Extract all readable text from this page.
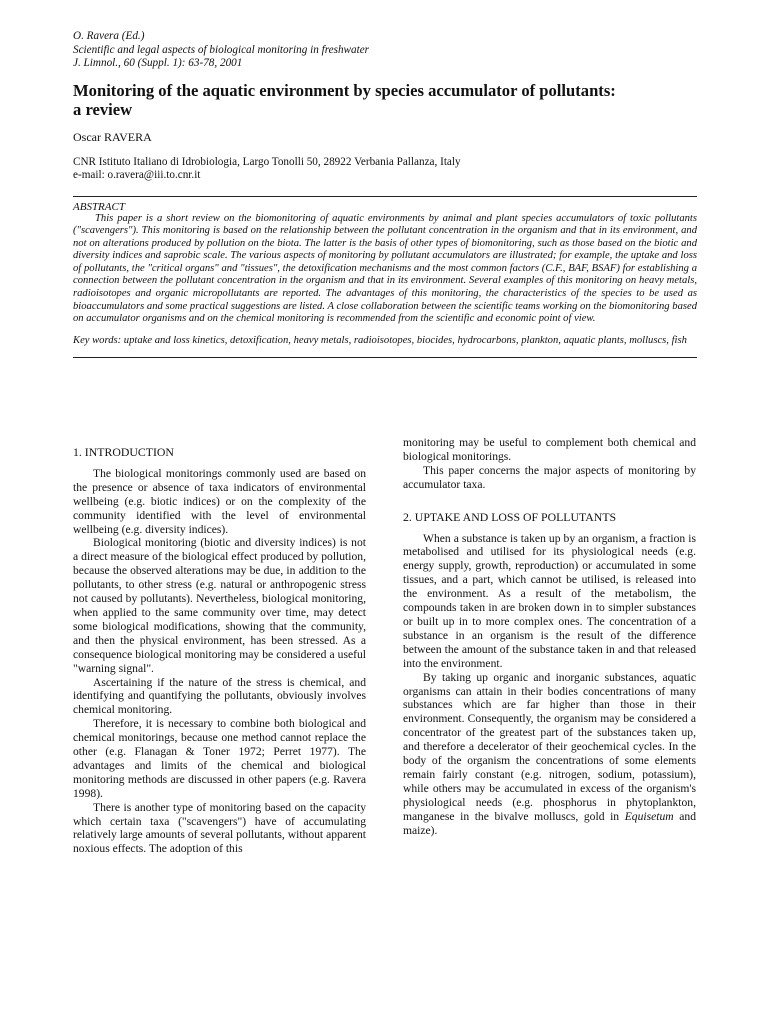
O. Ravera (Ed.)
Scientific and legal aspects of biological monitoring in freshwater
J. Limnol., 60 (Suppl. 1): 63-78, 2001
Monitoring of the aquatic environment by species accumulator of pollutants:
a review
Oscar RAVERA
CNR Istituto Italiano di Idrobiologia, Largo Tonolli 50, 28922 Verbania Pallanza, Italy
e-mail: o.ravera@iii.to.cnr.it
ABSTRACT
This paper is a short review on the biomonitoring of aquatic environments by animal and plant species accumulators of toxic pollutants ("scavengers"). This monitoring is based on the relationship between the pollutant concentration in the organism and that in its environment, and not on alterations produced by pollution on the biota. The latter is the basis of other types of biomonitoring, such as those based on the biotic and diversity indices and saprobic scale. The various aspects of monitoring by pollutant accumulators are illustrated; for example, the uptake and loss of pollutants, the "critical organs" and "tissues", the detoxification mechanisms and the most common factors (C.F., BAF, BSAF) for establishing a connection between the pollutant concentration in the organism and that in its environment. Several examples of this monitoring on heavy metals, radioisotopes and organic micropollutants are reported. The advantages of this monitoring, the characteristics of the species to be used as bioaccumulators and some practical suggestions are listed. A close collaboration between the scientific teams working on the biomonitoring based on accumulator organisms and on the chemical monitoring is recommended from the scientific and economic point of view.
Key words: uptake and loss kinetics, detoxification, heavy metals, radioisotopes, biocides, hydrocarbons, plankton, aquatic plants, molluscs, fish
1. INTRODUCTION

The biological monitorings commonly used are based on the presence or absence of taxa indicators of environmental wellbeing (e.g. biotic indices) or on the complexity of the community identified with the level of environmental wellbeing (e.g. diversity indices).

Biological monitoring (biotic and diversity indices) is not a direct measure of the biological effect produced by pollution, because the observed alterations may be due, in addition to the pollutants, to other stress (e.g. natural or anthropogenic stress not caused by pollutants). Nevertheless, biological monitoring, when applied to the same community over time, may detect some biological modifications, showing that the community, and then the physical environment, has been stressed. As a consequence biological monitoring may be considered a useful "warning signal".

Ascertaining if the nature of the stress is chemical, and identifying and quantifying the pollutants, obviously involves chemical monitoring.

Therefore, it is necessary to combine both biological and chemical monitorings, because one method cannot replace the other (e.g. Flanagan & Toner 1972; Perret 1977). The advantages and limits of the chemical and biological monitoring methods are discussed in other papers (e.g. Ravera 1998).

There is another type of monitoring based on the capacity which certain taxa ("scavengers") have of accumulating relatively large amounts of several pollutants, without apparent noxious effects. The adoption of this

monitoring may be useful to complement both chemical and biological monitorings.

This paper concerns the major aspects of monitoring by accumulator taxa.

2. UPTAKE AND LOSS OF POLLUTANTS

When a substance is taken up by an organism, a fraction is metabolised and utilised for its physiological needs (e.g. energy supply, growth, reproduction) or accumulated in some tissues, and a part, which cannot be utilised, is released into the environment. As a result of the metabolism, the compounds taken in are broken down in to simpler substances or built up in to more complex ones. The concentration of a substance in an organism is the result of the difference between the amount of the substance taken in and that released into the environment.

By taking up organic and inorganic substances, aquatic organisms can attain in their bodies concentrations of many substances which are far higher than those in their environment. Consequently, the organism may be considered a concentrator of the greatest part of the substances taken up, and therefore a decelerator of their geochemical cycles. In the body of the organism the concentrations of some elements remain fairly constant (e.g. nitrogen, sodium, potassium), while others may be accumulated in excess of the organism's physiological needs (e.g. phosphorus in phytoplankton, manganese in the bivalve molluscs, gold in Equisetum and maize).
